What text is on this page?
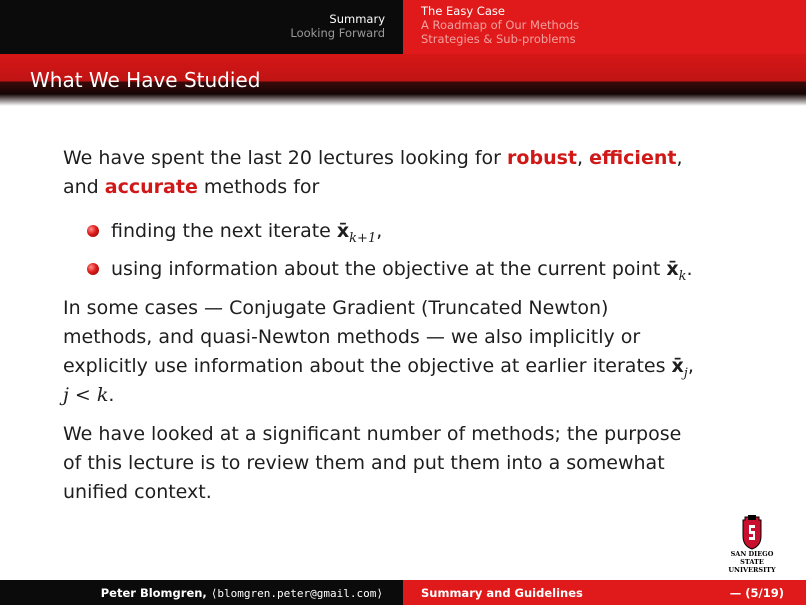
Summary
Looking Forward
The Easy Case
A Roadmap of Our Methods
Strategies & Sub-problems
What We Have Studied

We have spent the last 20 lectures looking for robust, efficient,
and accurate methods for

finding the next iterate $x̄_{k+1}$,
using information about the objective at the current point $x̄_k$.

In some cases — Conjugate Gradient (Truncated Newton)
methods, and quasi-Newton methods — we also implicitly or
explicitly use information about the objective at earlier iterates $x̄_j$,
j < k.

We have looked at a significant number of methods; the purpose
of this lecture is to review them and put them into a somewhat
unified context.

SAN DIEGO STATE
UNIVERSITY
Peter Blomgren, ⟨blomgren.peter@gmail.com⟩	Summary and Guidelines	— (5/19)
